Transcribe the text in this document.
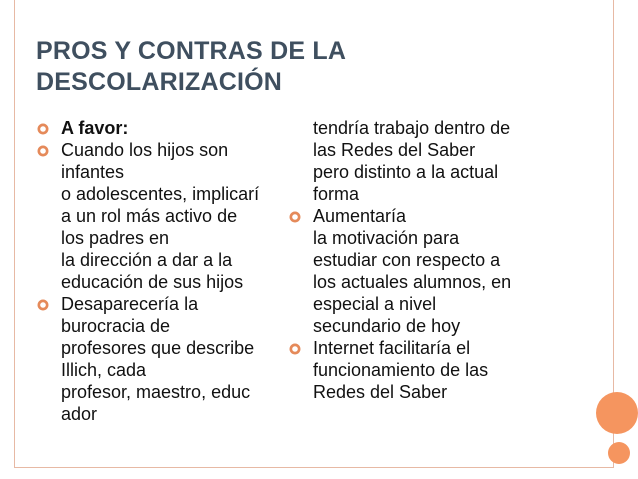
PROS Y CONTRAS DE LA
DESCOLARIZACIÓN
A favor:
Cuando los hijos son
infantes
o adolescentes, implicarí
a un rol más activo de
los padres en
la dirección a dar a la
educación de sus hijos
Desaparecería la
burocracia de
profesores que describe
Illich, cada
profesor, maestro, educ
ador
tendría trabajo dentro de
las Redes del Saber
pero distinto a la actual
forma
Aumentaría
la motivación para
estudiar con respecto a
los actuales alumnos, en
especial a nivel
secundario de hoy
Internet facilitaría el
funcionamiento de las
Redes del Saber
